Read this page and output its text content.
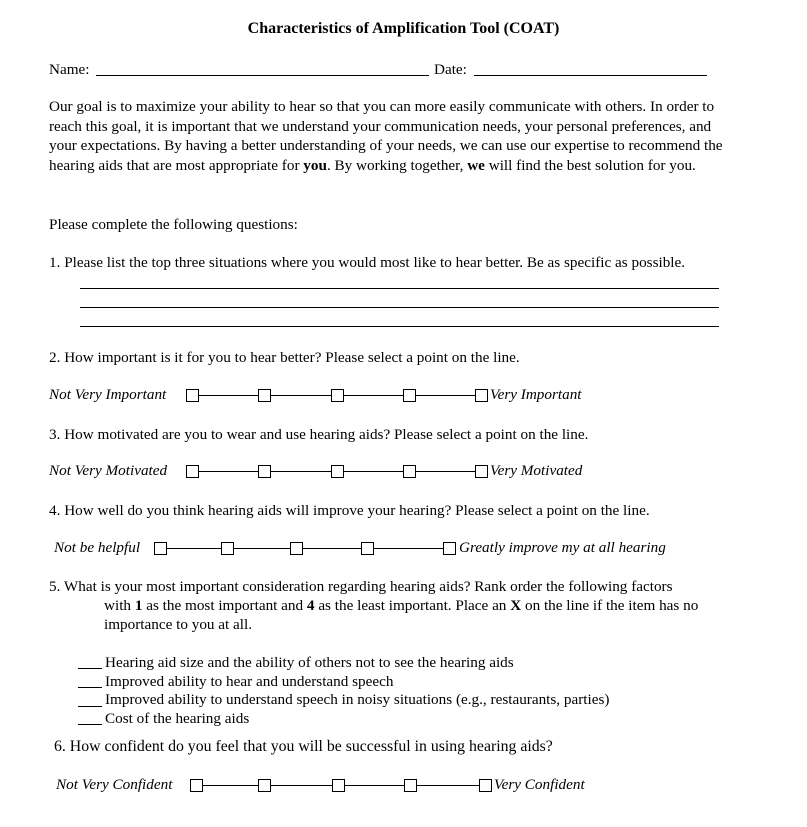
Characteristics of Amplification Tool (COAT)
Name:	Date:
Our goal is to maximize your ability to hear so that you can more easily communicate with others. In order to reach this goal, it is important that we understand your communication needs, your personal preferences, and your expectations. By having a better understanding of your needs, we can use our expertise to recommend the hearing aids that are most appropriate for you. By working together, we will find the best solution for you.
Please complete the following questions:
1. Please list the top three situations where you would most like to hear better. Be as specific as possible.
2. How important is it for you to hear better? Please select a point on the line.
Not Very Important	Very Important
3. How motivated are you to wear and use hearing aids? Please select a point on the line.
Not Very Motivated	Very Motivated
4. How well do you think hearing aids will improve your hearing? Please select a point on the line.
Not be helpful	Greatly improve my at all hearing
5. What is your most important consideration regarding hearing aids? Rank order the following factors
with 1 as the most important and 4 as the least important. Place an X on the line if the item has no
importance to you at all.
Hearing aid size and the ability of others not to see the hearing aids
Improved ability to hear and understand speech
Improved ability to understand speech in noisy situations (e.g., restaurants, parties)
Cost of the hearing aids
6. How confident do you feel that you will be successful in using hearing aids?
Not Very Confident	Very Confident
